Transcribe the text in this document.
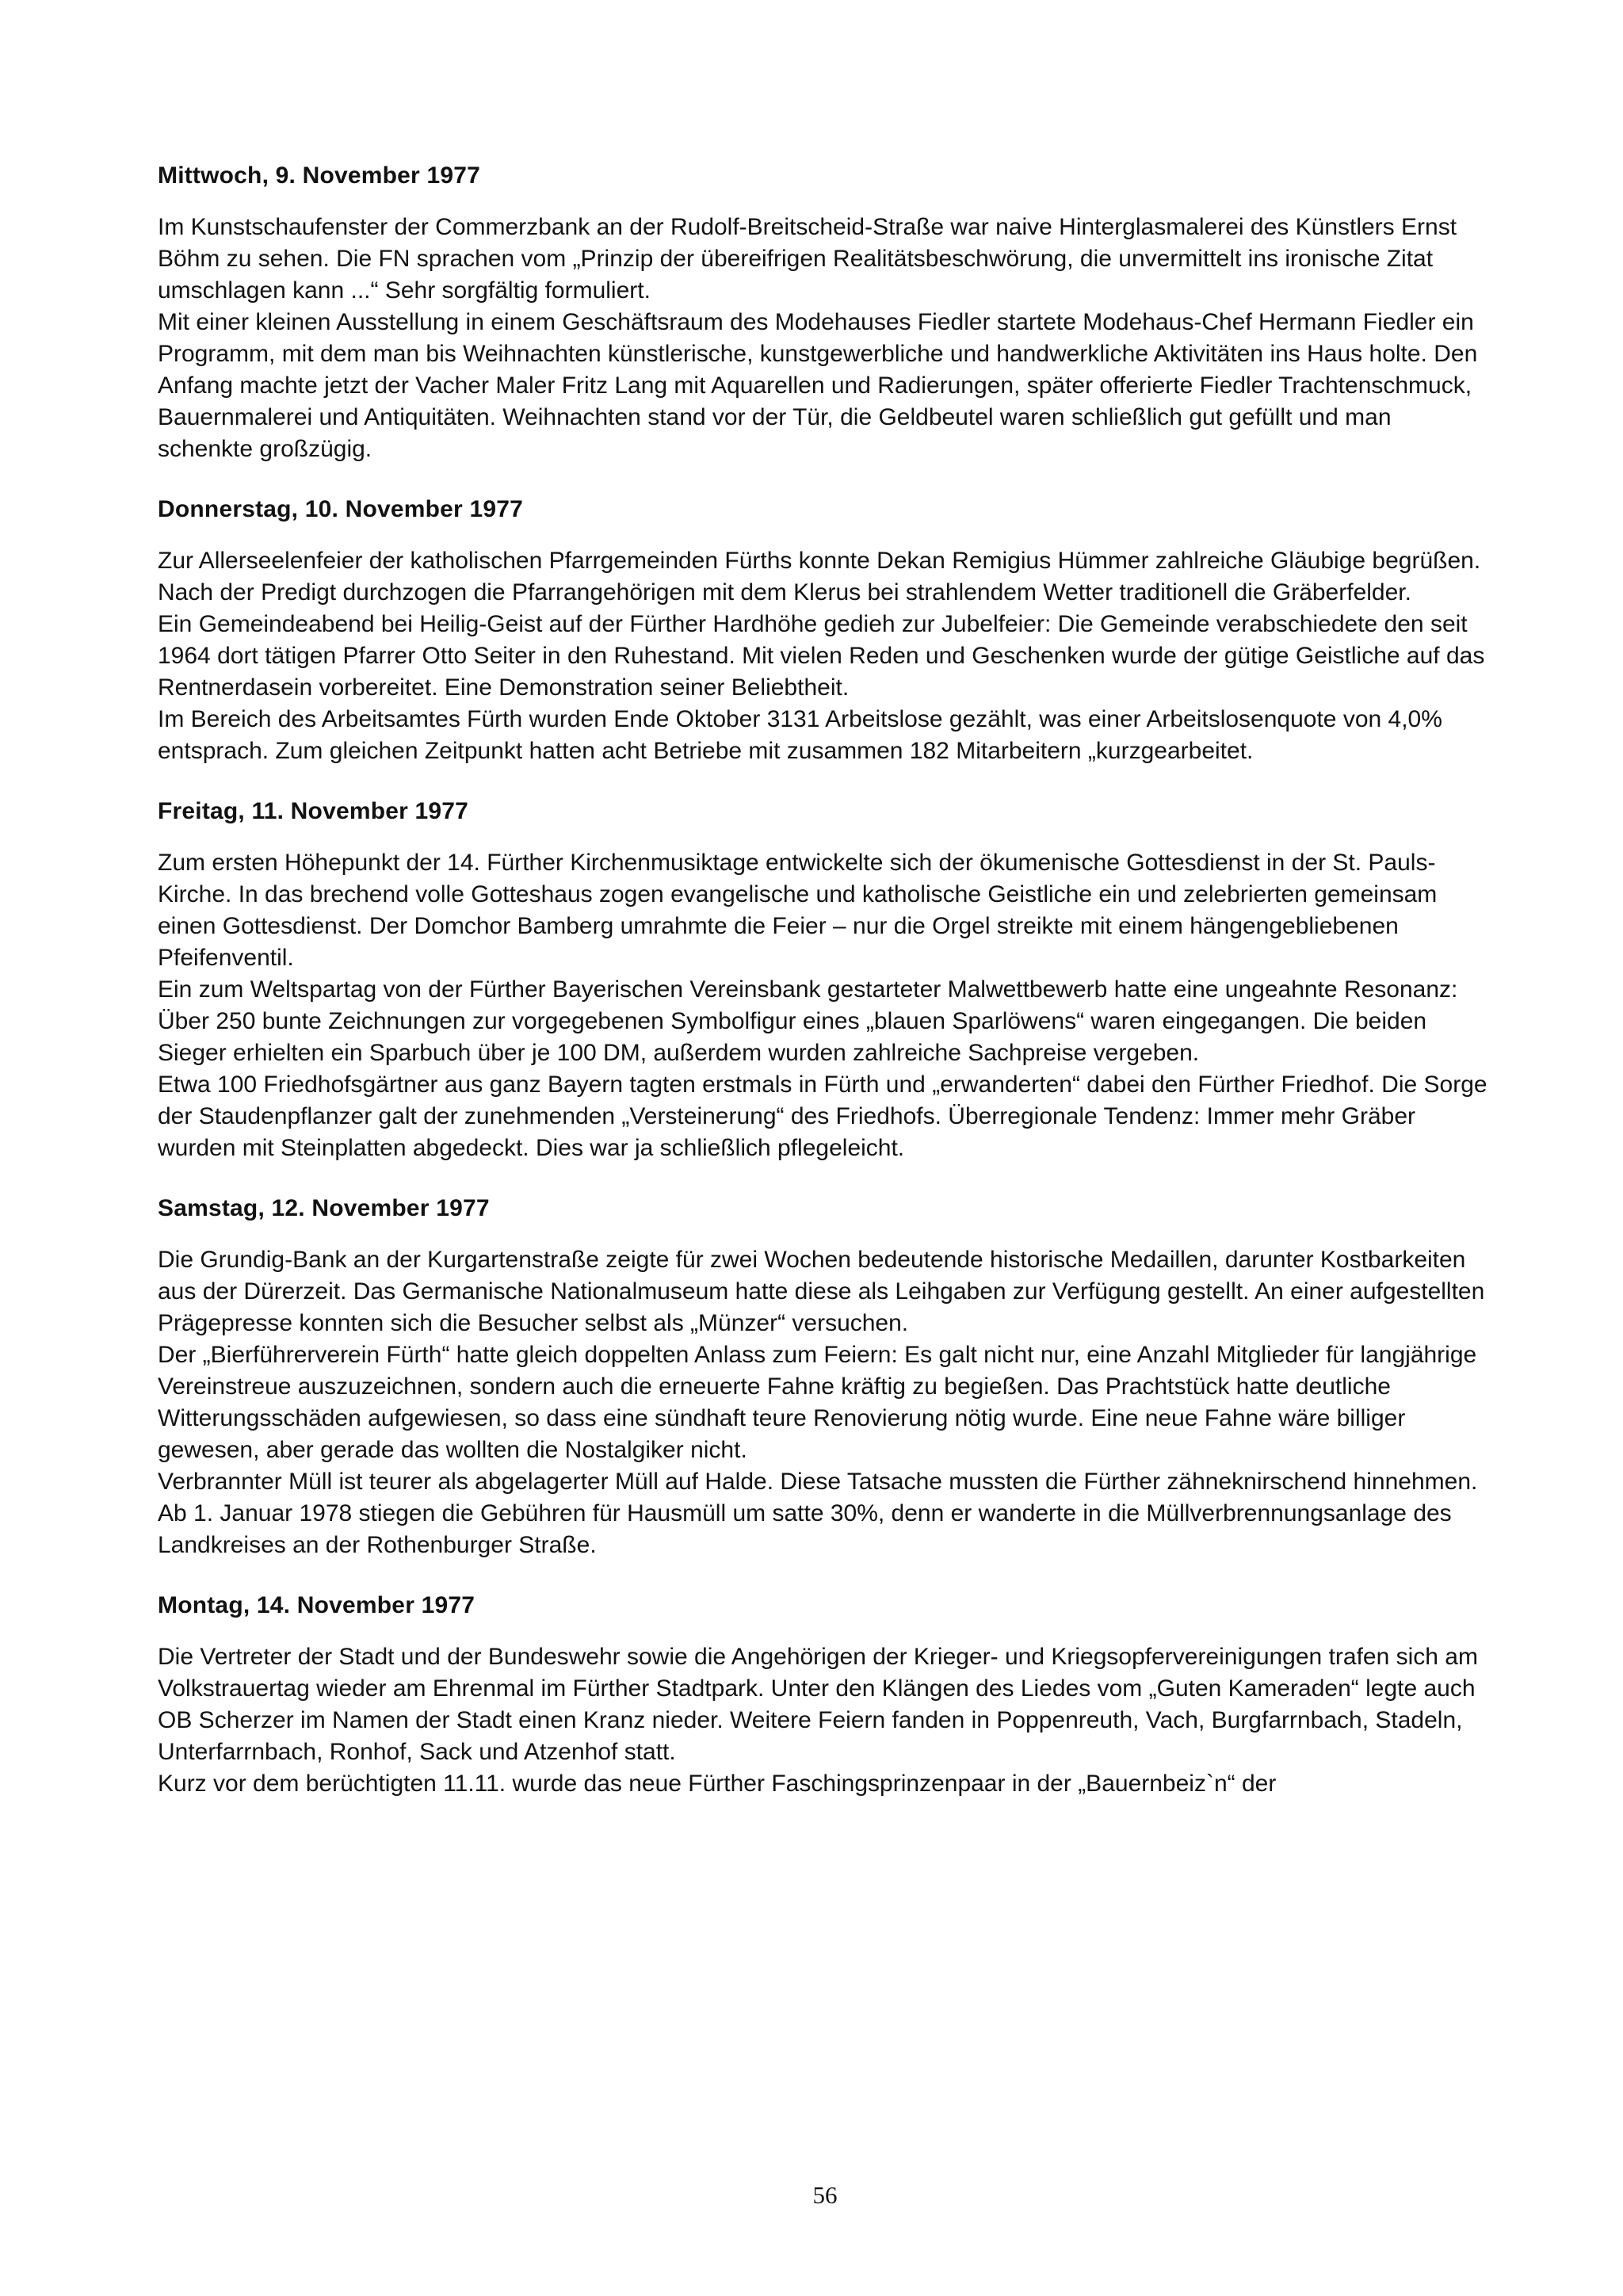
Mittwoch, 9. November 1977

Im Kunstschaufenster der Commerzbank an der Rudolf-Breitscheid-Straße war naive Hinterglasmalerei des Künstlers Ernst Böhm zu sehen. Die FN sprachen vom „Prinzip der übereifrigen Realitätsbeschwörung, die unvermittelt ins ironische Zitat umschlagen kann ...“ Sehr sorgfältig formuliert.

Mit einer kleinen Ausstellung in einem Geschäftsraum des Modehauses Fiedler startete Modehaus-Chef Hermann Fiedler ein Programm, mit dem man bis Weihnachten künstlerische, kunstgewerbliche und handwerkliche Aktivitäten ins Haus holte. Den Anfang machte jetzt der Vacher Maler Fritz Lang mit Aquarellen und Radierungen, später offerierte Fiedler Trachtenschmuck, Bauernmalerei und Antiquitäten. Weihnachten stand vor der Tür, die Geldbeutel waren schließlich gut gefüllt und man schenkte großzügig.

Donnerstag, 10. November 1977

Zur Allerseelenfeier der katholischen Pfarrgemeinden Fürths konnte Dekan Remigius Hümmer zahlreiche Gläubige begrüßen. Nach der Predigt durchzogen die Pfarrangehörigen mit dem Klerus bei strahlendem Wetter traditionell die Gräberfelder.

Ein Gemeindeabend bei Heilig-Geist auf der Fürther Hardhöhe gedieh zur Jubelfeier: Die Gemeinde verabschiedete den seit 1964 dort tätigen Pfarrer Otto Seiter in den Ruhestand. Mit vielen Reden und Geschenken wurde der gütige Geistliche auf das Rentnerdasein vorbereitet. Eine Demonstration seiner Beliebtheit.

Im Bereich des Arbeitsamtes Fürth wurden Ende Oktober 3131 Arbeitslose gezählt, was einer Arbeitslosenquote von 4,0% entsprach. Zum gleichen Zeitpunkt hatten acht Betriebe mit zusammen 182 Mitarbeitern „kurzgearbeitet.

Freitag, 11. November 1977

Zum ersten Höhepunkt der 14. Fürther Kirchenmusiktage entwickelte sich der ökumenische Gottesdienst in der St. Pauls-Kirche. In das brechend volle Gotteshaus zogen evangelische und katholische Geistliche ein und zelebrierten gemeinsam einen Gottesdienst. Der Domchor Bamberg umrahmte die Feier – nur die Orgel streikte mit einem hängengebliebenen Pfeifenventil.

Ein zum Weltspartag von der Fürther Bayerischen Vereinsbank gestarteter Malwettbewerb hatte eine ungeahnte Resonanz: Über 250 bunte Zeichnungen zur vorgegebenen Symbolfigur eines „blauen Sparlöwens“ waren eingegangen. Die beiden Sieger erhielten ein Sparbuch über je 100 DM, außerdem wurden zahlreiche Sachpreise vergeben.

Etwa 100 Friedhofsgärtner aus ganz Bayern tagten erstmals in Fürth und „erwanderten“ dabei den Fürther Friedhof. Die Sorge der Staudenpflanzer galt der zunehmenden „Versteinerung“ des Friedhofs. Überregionale Tendenz: Immer mehr Gräber wurden mit Steinplatten abgedeckt. Dies war ja schließlich pflegeleicht.

Samstag, 12. November 1977

Die Grundig-Bank an der Kurgartenstraße zeigte für zwei Wochen bedeutende historische Medaillen, darunter Kostbarkeiten aus der Dürerzeit. Das Germanische Nationalmuseum hatte diese als Leihgaben zur Verfügung gestellt. An einer aufgestellten Prägepresse konnten sich die Besucher selbst als „Münzer“ versuchen.

Der „Bierführerverein Fürth“ hatte gleich doppelten Anlass zum Feiern: Es galt nicht nur, eine Anzahl Mitglieder für langjährige Vereinstreue auszuzeichnen, sondern auch die erneuerte Fahne kräftig zu begießen. Das Prachtstück hatte deutliche Witterungsschäden aufgewiesen, so dass eine sündhaft teure Renovierung nötig wurde. Eine neue Fahne wäre billiger gewesen, aber gerade das wollten die Nostalgiker nicht.

Verbrannter Müll ist teurer als abgelagerter Müll auf Halde. Diese Tatsache mussten die Fürther zähneknirschend hinnehmen. Ab 1. Januar 1978 stiegen die Gebühren für Hausmüll um satte 30%, denn er wanderte in die Müllverbrennungsanlage des Landkreises an der Rothenburger Straße.

Montag, 14. November 1977

Die Vertreter der Stadt und der Bundeswehr sowie die Angehörigen der Krieger- und Kriegsopfervereinigungen trafen sich am Volkstrauertag wieder am Ehrenmal im Fürther Stadtpark. Unter den Klängen des Liedes vom „Guten Kameraden“ legte auch OB Scherzer im Namen der Stadt einen Kranz nieder. Weitere Feiern fanden in Poppenreuth, Vach, Burgfarrnbach, Stadeln, Unterfarrnbach, Ronhof, Sack und Atzenhof statt.

Kurz vor dem berüchtigten 11.11. wurde das neue Fürther Faschingsprinzenpaar in der „Bauernbeiz`n“ der

56
